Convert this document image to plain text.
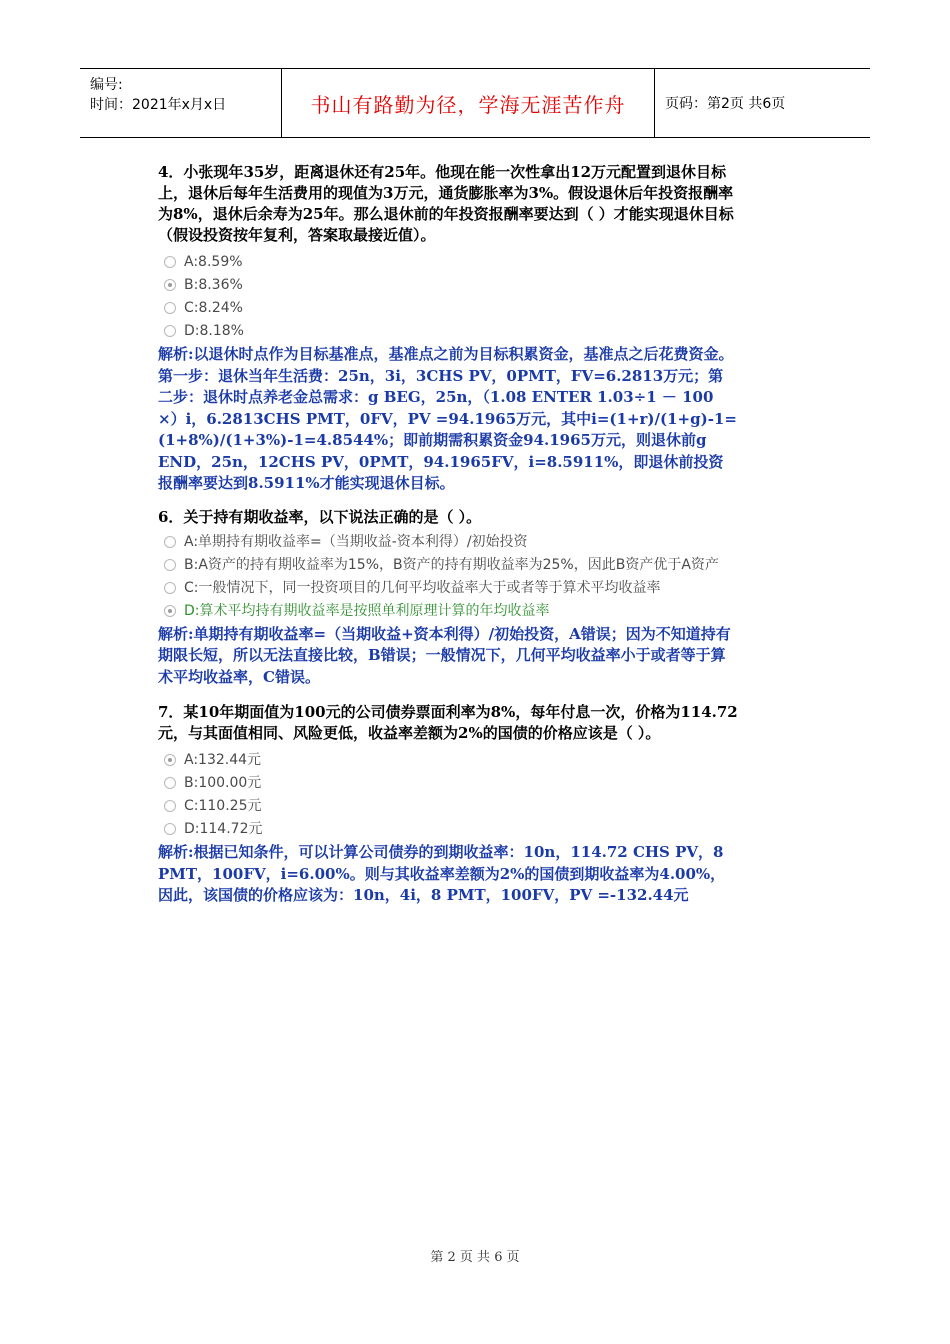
编号:
时间：2021年x月x日	书山有路勤为径，学海无涯苦作舟	页码：第2页 共6页

4．小张现年35岁，距离退休还有25年。他现在能一次性拿出12万元配置到退休目标上，退休后每年生活费用的现值为3万元，通货膨胀率为3%。假设退休后年投资报酬率为8%，退休后余寿为25年。那么退休前的年投资报酬率要达到（ ）才能实现退休目标（假设投资按年复利，答案取最接近值）。

A:8.59%
B:8.36%
C:8.24%
D:8.18%

解析:以退休时点作为目标基准点，基准点之前为目标积累资金，基准点之后花费资金。第一步：退休当年生活费：25n，3i，3CHS PV，0PMT，FV=6.2813万元；第二步：退休时点养老金总需求：g BEG，25n，（1.08 ENTER 1.03÷1 － 100 ×）i，6.2813CHS PMT，0FV，PV =94.1965万元，其中i=(1+r)/(1+g)-1=(1+8%)/(1+3%)-1=4.8544%；即前期需积累资金94.1965万元，则退休前g END，25n，12CHS PV，0PMT，94.1965FV，i=8.5911%，即退休前投资报酬率要达到8.5911%才能实现退休目标。

6．关于持有期收益率，以下说法正确的是（ ）。

A:单期持有期收益率=（当期收益-资本利得）/初始投资
B:A资产的持有期收益率为15%，B资产的持有期收益率为25%，因此B资产优于A资产
C:一般情况下，同一投资项目的几何平均收益率大于或者等于算术平均收益率
D:算术平均持有期收益率是按照单利原理计算的年均收益率

解析:单期持有期收益率=（当期收益+资本利得）/初始投资，A错误；因为不知道持有期限长短，所以无法直接比较，B错误；一般情况下，几何平均收益率小于或者等于算术平均收益率，C错误。

7．某10年期面值为100元的公司债券票面利率为8%，每年付息一次，价格为114.72元，与其面值相同、风险更低，收益率差额为2%的国债的价格应该是（ ）。

A:132.44元
B:100.00元
C:110.25元
D:114.72元

解析:根据已知条件，可以计算公司债券的到期收益率：10n，114.72 CHS PV，8 PMT，100FV，i=6.00%。则与其收益率差额为2%的国债到期收益率为4.00%，因此，该国债的价格应该为：10n，4i，8 PMT，100FV，PV =-132.44元

第 2 页 共 6 页
